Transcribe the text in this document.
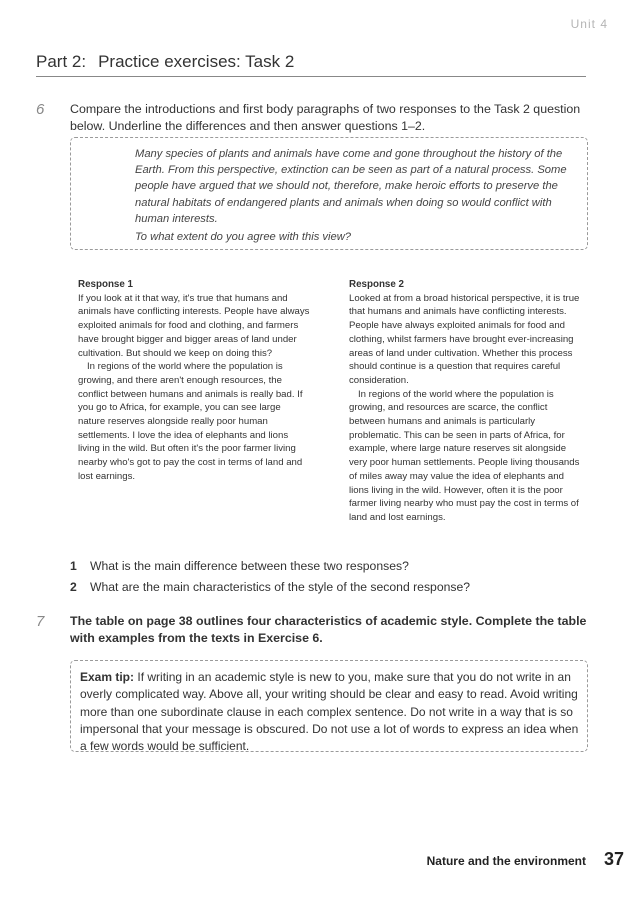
Unit 4
Part 2: Practice exercises: Task 2
6 Compare the introductions and first body paragraphs of two responses to the Task 2 question below. Underline the differences and then answer questions 1–2.

Many species of plants and animals have come and gone throughout the history of the Earth. From this perspective, extinction can be seen as part of a natural process. Some people have argued that we should not, therefore, make heroic efforts to preserve the natural habitats of endangered plants and animals when doing so would conflict with human interests.

To what extent do you agree with this view?

Response 1

If you look at it that way, it's true that humans and animals have conflicting interests. People have always exploited animals for food and clothing, and farmers have brought bigger and bigger areas of land under cultivation. But should we keep on doing this?

In regions of the world where the population is growing, and there aren't enough resources, the conflict between humans and animals is really bad. If you go to Africa, for example, you can see large nature reserves alongside really poor human settlements. I love the idea of elephants and lions living in the wild. But often it's the poor farmer living nearby who's got to pay the cost in terms of land and lost earnings.

Response 2

Looked at from a broad historical perspective, it is true that humans and animals have conflicting interests. People have always exploited animals for food and clothing, whilst farmers have brought ever-increasing areas of land under cultivation. Whether this process should continue is a question that requires careful consideration.

In regions of the world where the population is growing, and resources are scarce, the conflict between humans and animals is particularly problematic. This can be seen in parts of Africa, for example, where large nature reserves sit alongside very poor human settlements. People living thousands of miles away may value the idea of elephants and lions living in the wild. However, often it is the poor farmer living nearby who must pay the cost in terms of land and lost earnings.

1 What is the main difference between these two responses?
2 What are the main characteristics of the style of the second response?
7 The table on page 38 outlines four characteristics of academic style. Complete the table with examples from the texts in Exercise 6.
Exam tip: If writing in an academic style is new to you, make sure that you do not write in an overly complicated way. Above all, your writing should be clear and easy to read. Avoid writing more than one subordinate clause in each complex sentence. Do not write in a way that is so impersonal that your message is obscured. Do not use a lot of words to express an idea when a few words would be sufficient.
Nature and the environment 37
